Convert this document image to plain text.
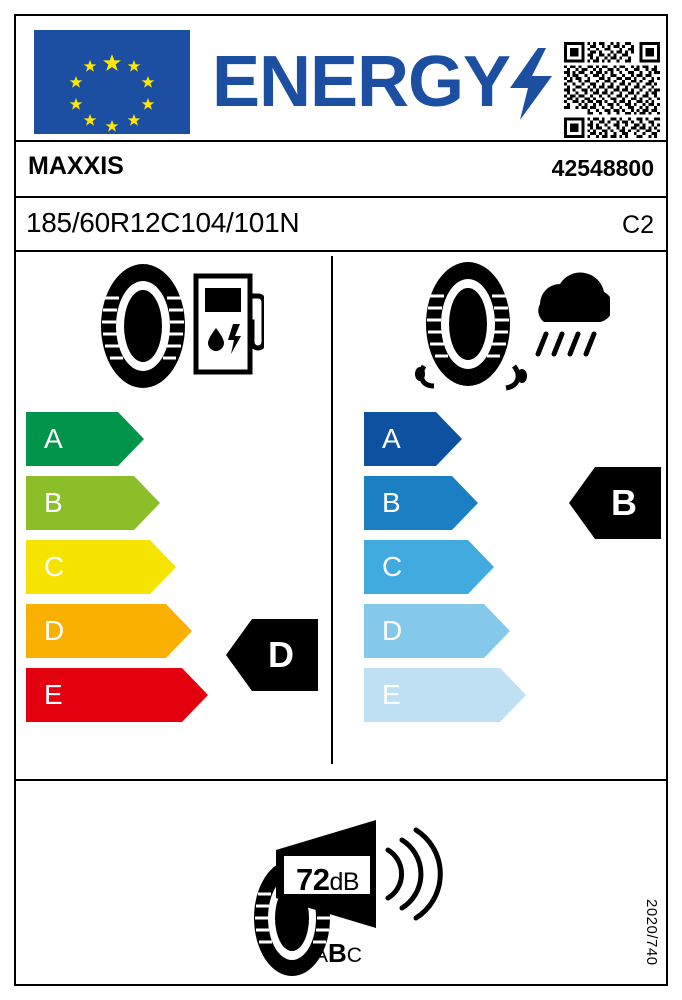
ENERGY
MAXXIS	42548800
185/60R12C104/101N	C2
A
B
C
D
E
A
B
C
D
E
D
B
72dB
ABC	2020/740
